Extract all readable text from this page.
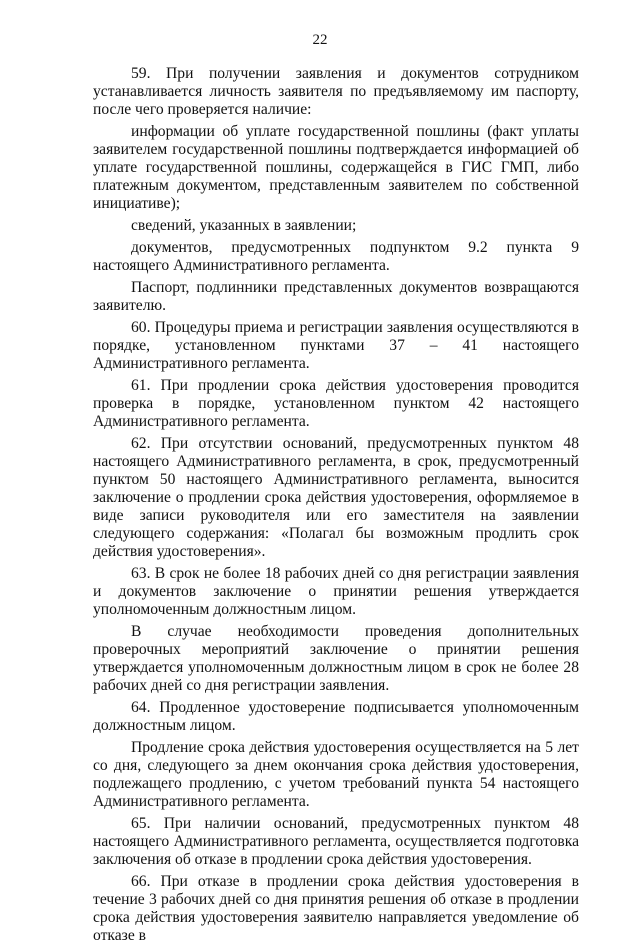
22

59. При получении заявления и документов сотрудником устанавливается личность заявителя по предъявляемому им паспорту, после чего проверяется наличие:

информации об уплате государственной пошлины (факт уплаты заявителем государственной пошлины подтверждается информацией об уплате государственной пошлины, содержащейся в ГИС ГМП, либо платежным документом, представленным заявителем по собственной инициативе);

сведений, указанных в заявлении;

документов, предусмотренных подпунктом 9.2 пункта 9 настоящего Административного регламента.

Паспорт, подлинники представленных документов возвращаются заявителю.

60. Процедуры приема и регистрации заявления осуществляются в порядке, установленном пунктами 37 – 41 настоящего Административного регламента.

61. При продлении срока действия удостоверения проводится проверка в порядке, установленном пунктом 42 настоящего Административного регламента.

62. При отсутствии оснований, предусмотренных пунктом 48 настоящего Административного регламента, в срок, предусмотренный пунктом 50 настоящего Административного регламента, выносится заключение о продлении срока действия удостоверения, оформляемое в виде записи руководителя или его заместителя на заявлении следующего содержания: «Полагал бы возможным продлить срок действия удостоверения».

63. В срок не более 18 рабочих дней со дня регистрации заявления и документов заключение о принятии решения утверждается уполномоченным должностным лицом.

В случае необходимости проведения дополнительных проверочных мероприятий заключение о принятии решения утверждается уполномоченным должностным лицом в срок не более 28 рабочих дней со дня регистрации заявления.

64. Продленное удостоверение подписывается уполномоченным должностным лицом.

Продление срока действия удостоверения осуществляется на 5 лет со дня, следующего за днем окончания срока действия удостоверения, подлежащего продлению, с учетом требований пункта 54 настоящего Административного регламента.

65. При наличии оснований, предусмотренных пунктом 48 настоящего Административного регламента, осуществляется подготовка заключения об отказе в продлении срока действия удостоверения.

66. При отказе в продлении срока действия удостоверения в течение 3 рабочих дней со дня принятия решения об отказе в продлении срока действия удостоверения заявителю направляется уведомление об отказе в
